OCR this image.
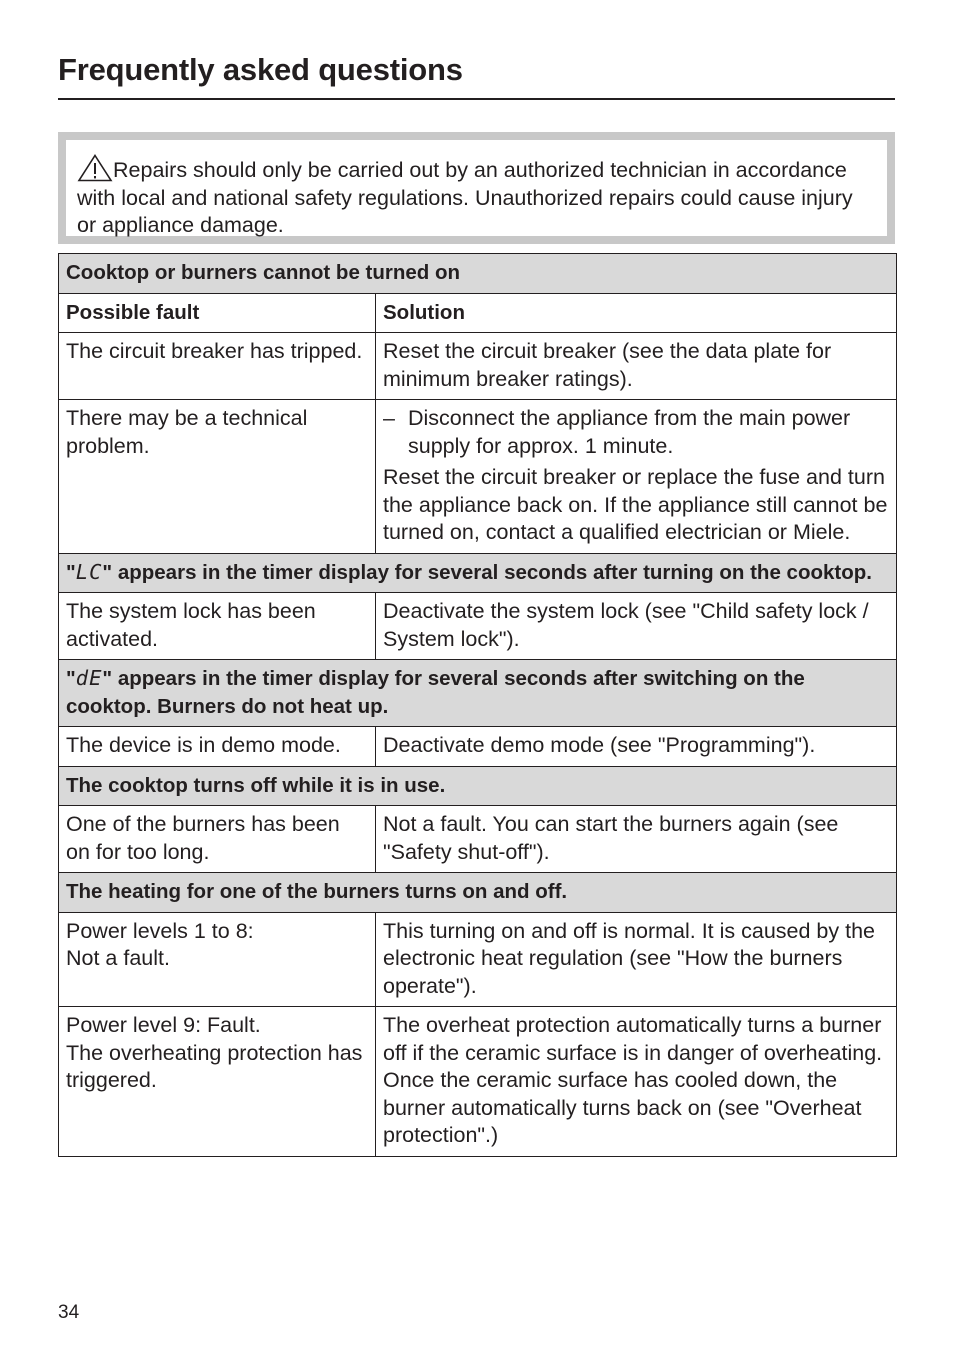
Frequently asked questions
Repairs should only be carried out by an authorized technician in accordance with local and national safety regulations. Unauthorized repairs could cause injury or appliance damage.
Cooktop or burners cannot be turned on	
Possible fault	Solution
The circuit breaker has tripped.	Reset the circuit breaker (see the data plate for minimum breaker ratings).
There may be a technical problem.	– Disconnect the appliance from the main power supply for approx. 1 minute.
Reset the circuit breaker or replace the fuse and turn the appliance back on. If the appliance still cannot be turned on, contact a qualified electrician or Miele.

"LC" appears in the timer display for several seconds after turning on the cooktop.	
The system lock has been activated.	Deactivate the system lock (see "Child safety lock / System lock").
"dE" appears in the timer display for several seconds after switching on the cooktop. Burners do not heat up.	
The device is in demo mode.	Deactivate demo mode (see "Programming").
The cooktop turns off while it is in use.	
One of the burners has been on for too long.	Not a fault. You can start the burners again (see "Safety shut-off").
The heating for one of the burners turns on and off.	

Power levels 1 to 8:
Not a fault.	This turning on and off is normal. It is caused by the electronic heat regulation (see "How the burners operate").

Power level 9: Fault.
The overheating protection has triggered.	The overheat protection automatically turns a burner off if the ceramic surface is in danger of overheating. Once the ceramic surface has cooled down, the burner automatically turns back on (see "Overheat protection".)
34
